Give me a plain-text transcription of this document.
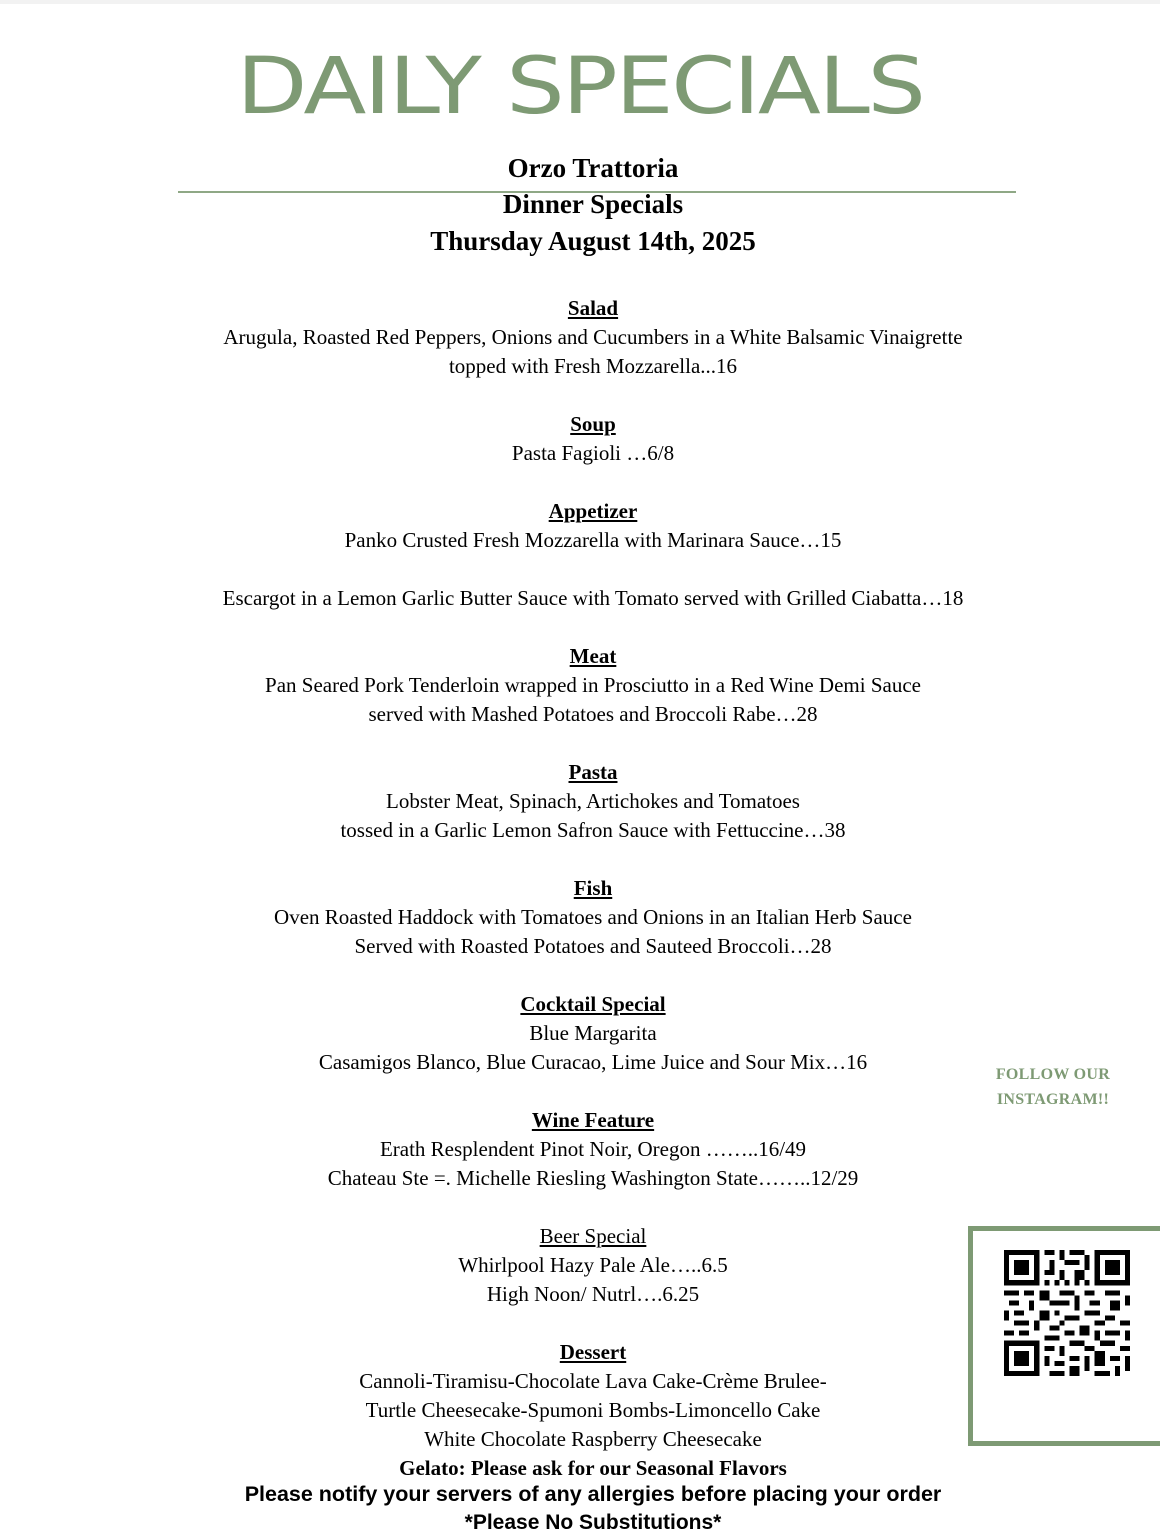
DAILY SPECIALS
Orzo Trattoria
Dinner Specials
Thursday August 14th, 2025
Salad
Arugula, Roasted Red Peppers, Onions and Cucumbers in a White Balsamic Vinaigrette
topped with Fresh Mozzarella...16
Soup
Pasta Fagioli …6/8
Appetizer
Panko Crusted Fresh Mozzarella with Marinara Sauce…15
Escargot in a Lemon Garlic Butter Sauce with Tomato served with Grilled Ciabatta…18
Meat
Pan Seared Pork Tenderloin wrapped in Prosciutto in a Red Wine Demi Sauce
served with Mashed Potatoes and Broccoli Rabe…28
Pasta
Lobster Meat, Spinach, Artichokes and Tomatoes
tossed in a Garlic Lemon Safron Sauce with Fettuccine…38
Fish
Oven Roasted Haddock with Tomatoes and Onions in an Italian Herb Sauce
Served with Roasted Potatoes and Sauteed Broccoli…28
Cocktail Special
Blue Margarita
Casamigos Blanco, Blue Curacao, Lime Juice and Sour Mix…16
Wine Feature
Erath Resplendent Pinot Noir, Oregon ……..16/49
Chateau Ste =. Michelle Riesling Washington State……..12/29
Beer Special
Whirlpool Hazy Pale Ale…..6.5
High Noon/ Nutrl….6.25
Dessert
Cannoli-Tiramisu-Chocolate Lava Cake-Crème Brulee-
Turtle Cheesecake-Spumoni Bombs-Limoncello Cake
White Chocolate Raspberry Cheesecake
Gelato: Please ask for our Seasonal Flavors
Please notify your servers of any allergies before placing your order
*Please No Substitutions*
FOLLOW OUR
INSTAGRAM!!
